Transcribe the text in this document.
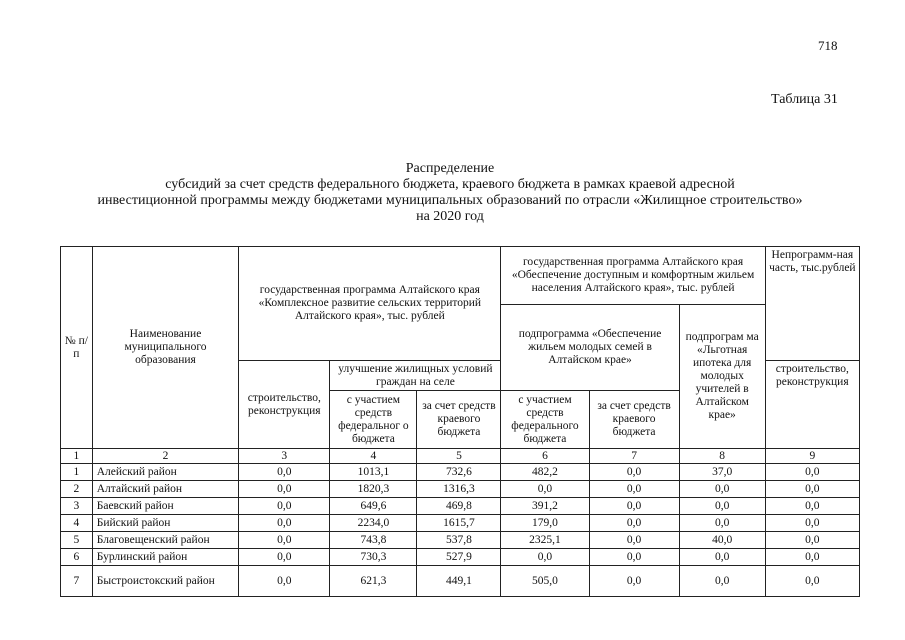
718
Таблица 31
Распределение
субсидий за счет средств федерального бюджета, краевого бюджета в рамках краевой адресной
инвестиционной программы между бюджетами муниципальных образований по отрасли «Жилищное строительство»
на 2020 год
№ п/п	Наименование муниципального образования	государственная программа Алтайского края «Комплексное развитие сельских территорий Алтайского края», тыс. рублей			государственная программа Алтайского края «Обеспечение доступным и комфортным жильем населения Алтайского края», тыс. рублей			Непрограмм-ная часть, тыс.рублей
					подпрограмма «Обеспечение жильем молодых семей в Алтайском крае»		подпрограм ма «Льготная ипотека для молодых учителей в Алтайском крае»	
		строительство, реконструкция	улучшение жилищных условий граждан на селе					строительство, реконструкция
			с участием средств федеральног о бюджета	за счет средств краевого бюджета	с участием средств федерального бюджета	за счет средств краевого бюджета		
1	2	3	4	5	6	7	8	9
1	Алейский район	0,0	1013,1	732,6	482,2	0,0	37,0	0,0
2	Алтайский район	0,0	1820,3	1316,3	0,0	0,0	0,0	0,0
3	Баевский район	0,0	649,6	469,8	391,2	0,0	0,0	0,0
4	Бийский район	0,0	2234,0	1615,7	179,0	0,0	0,0	0,0
5	Благовещенский район	0,0	743,8	537,8	2325,1	0,0	40,0	0,0
6	Бурлинский район	0,0	730,3	527,9	0,0	0,0	0,0	0,0
7	Быстроистокский район	0,0	621,3	449,1	505,0	0,0	0,0	0,0
